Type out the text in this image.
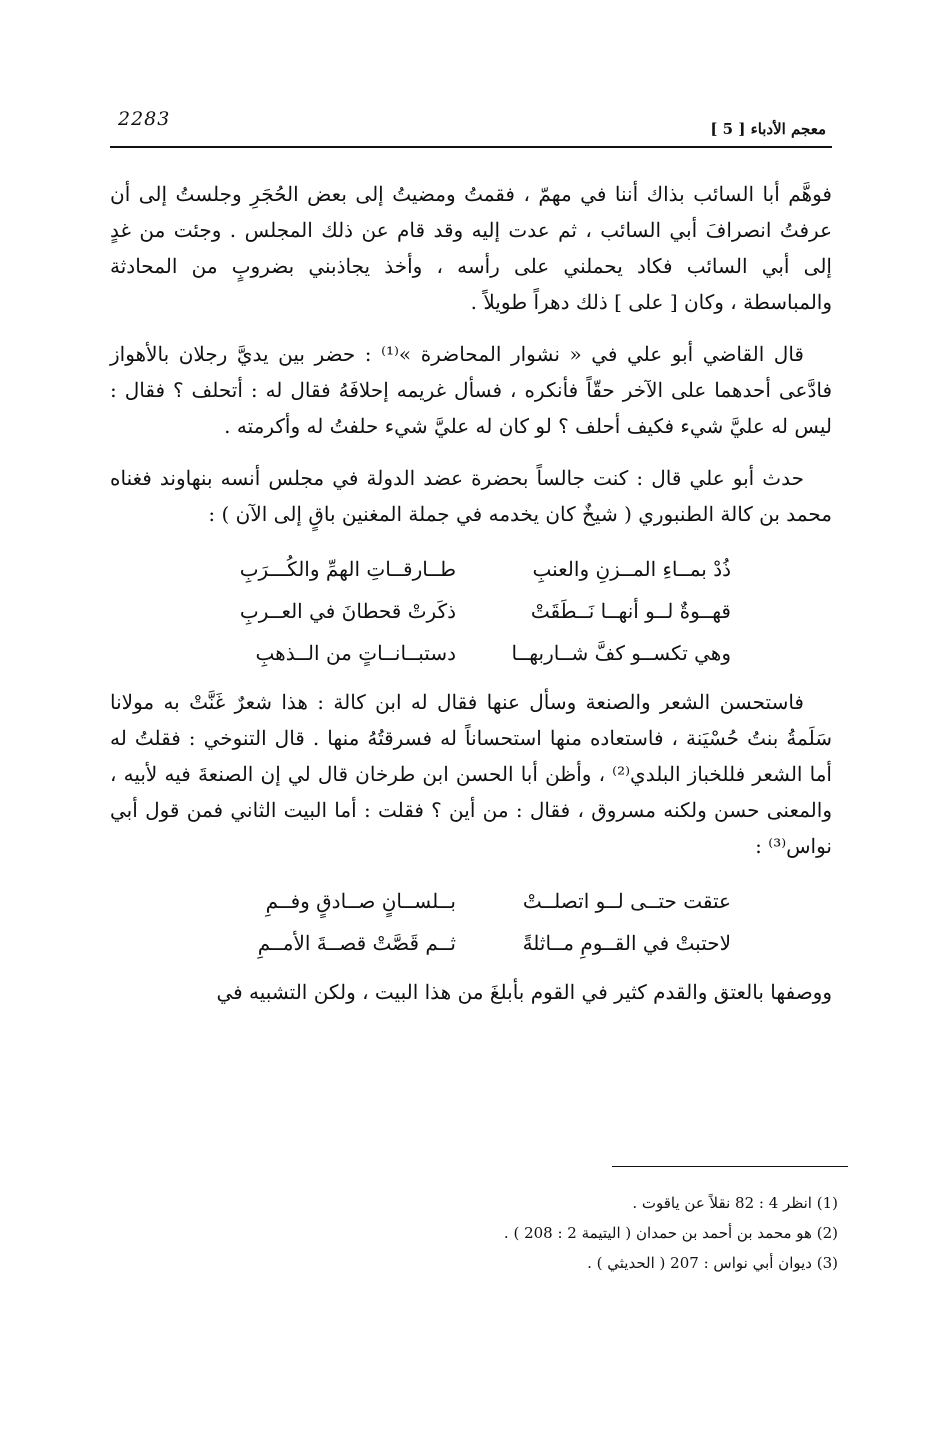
2283	معجم الأدباء [ 5 ]

فوهَّم أبا السائب بذاك أننا في مهمّ ، فقمتُ ومضيتُ إلى بعض الحُجَرِ وجلستُ إلى أن عرفتُ انصرافَ أبي السائب ، ثم عدت إليه وقد قام عن ذلك المجلس . وجئت من غدٍ إلى أبي السائب فكاد يحملني على رأسه ، وأخذ يجاذبني بضروبٍ من المحادثة والمباسطة ، وكان [ على ] ذلك دهراً طويلاً .

قال القاضي أبو علي في « نشوار المحاضرة »⁽¹⁾ : حضر بين يديَّ رجلان بالأهواز فادَّعى أحدهما على الآخر حقّاً فأنكره ، فسأل غريمه إحلافَهُ فقال له : أتحلف ؟ فقال : ليس له عليَّ شيء فكيف أحلف ؟ لو كان له عليَّ شيء حلفتُ له وأكرمته .

حدث أبو علي قال : كنت جالساً بحضرة عضد الدولة في مجلس أنسه بنهاوند فغناه محمد بن كالة الطنبوري ( شيخٌ كان يخدمه في جملة المغنين باقٍ إلى الآن ) :

ذُدْ بمــاءِ المــزنِ والعنبِ
طــارقــاتِ الهمِّ والكُـــرَبِ
قهــوةٌ لــو أنهــا نَــطَقَتْ
ذكَرتْ قحطانَ في العــربِ
وهي تكســو كفَّ شــاربهــا
دستبــانــاتٍ من الــذهبِ

فاستحسن الشعر والصنعة وسأل عنها فقال له ابن كالة : هذا شعرٌ غَنَّتْ به مولانا سَلَمةُ بنتُ حُسْيَنة ، فاستعاده منها استحساناً له فسرقتُهُ منها . قال التنوخي : فقلتُ له أما الشعر فللخباز البلدي⁽²⁾ ، وأظن أبا الحسن ابن طرخان قال لي إن الصنعةَ فيه لأبيه ، والمعنى حسن ولكنه مسروق ، فقال : من أين ؟ فقلت : أما البيت الثاني فمن قول أبي نواس⁽³⁾ :

عتقت حتــى لــو اتصلــتْ
بــلســانٍ صــادقٍ وفــمِ
لاحتبتْ في القــومِ مــاثلةً
ثــم قَصَّتْ قصــةَ الأمــمِ

ووصفها بالعتق والقدم كثير في القوم بأبلغَ من هذا البيت ، ولكن التشبيه في

(1) انظر 4 : 82 نقلاً عن ياقوت .

(2) هو محمد بن أحمد بن حمدان ( اليتيمة 2 : 208 ) .

(3) ديوان أبي نواس : 207 ( الحديثي ) .
